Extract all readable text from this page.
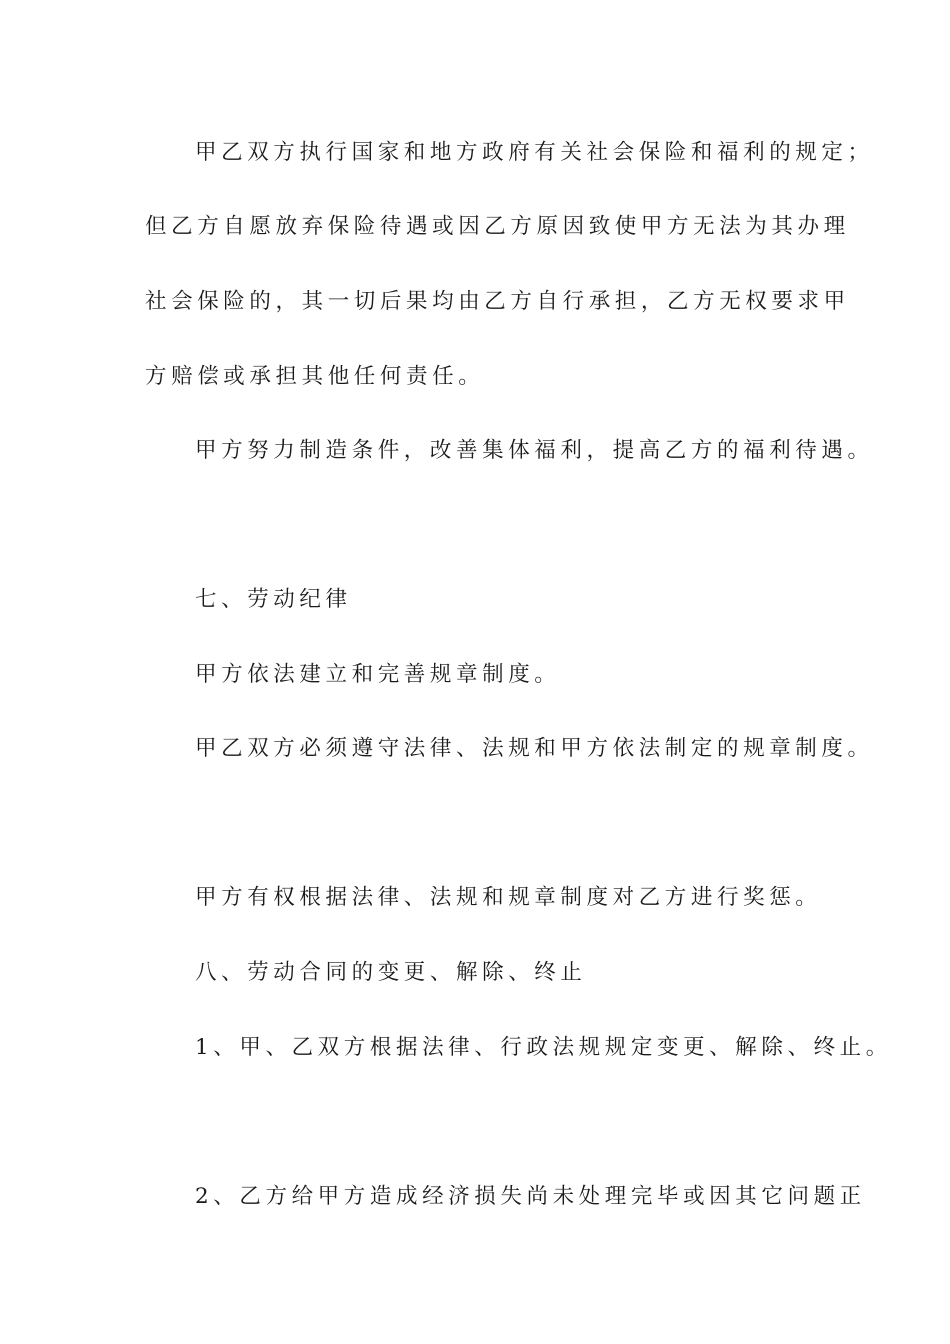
甲乙双方执行国家和地方政府有关社会保险和福利的规定；
但乙方自愿放弃保险待遇或因乙方原因致使甲方无法为其办理
社会保险的，其一切后果均由乙方自行承担，乙方无权要求甲
方赔偿或承担其他任何责任。
甲方努力制造条件，改善集体福利，提高乙方的福利待遇。
七、劳动纪律
甲方依法建立和完善规章制度。
甲乙双方必须遵守法律、法规和甲方依法制定的规章制度。
甲方有权根据法律、法规和规章制度对乙方进行奖惩。
八、劳动合同的变更、解除、终止
1、甲、乙双方根据法律、行政法规规定变更、解除、终止。
2、乙方给甲方造成经济损失尚未处理完毕或因其它问题正
